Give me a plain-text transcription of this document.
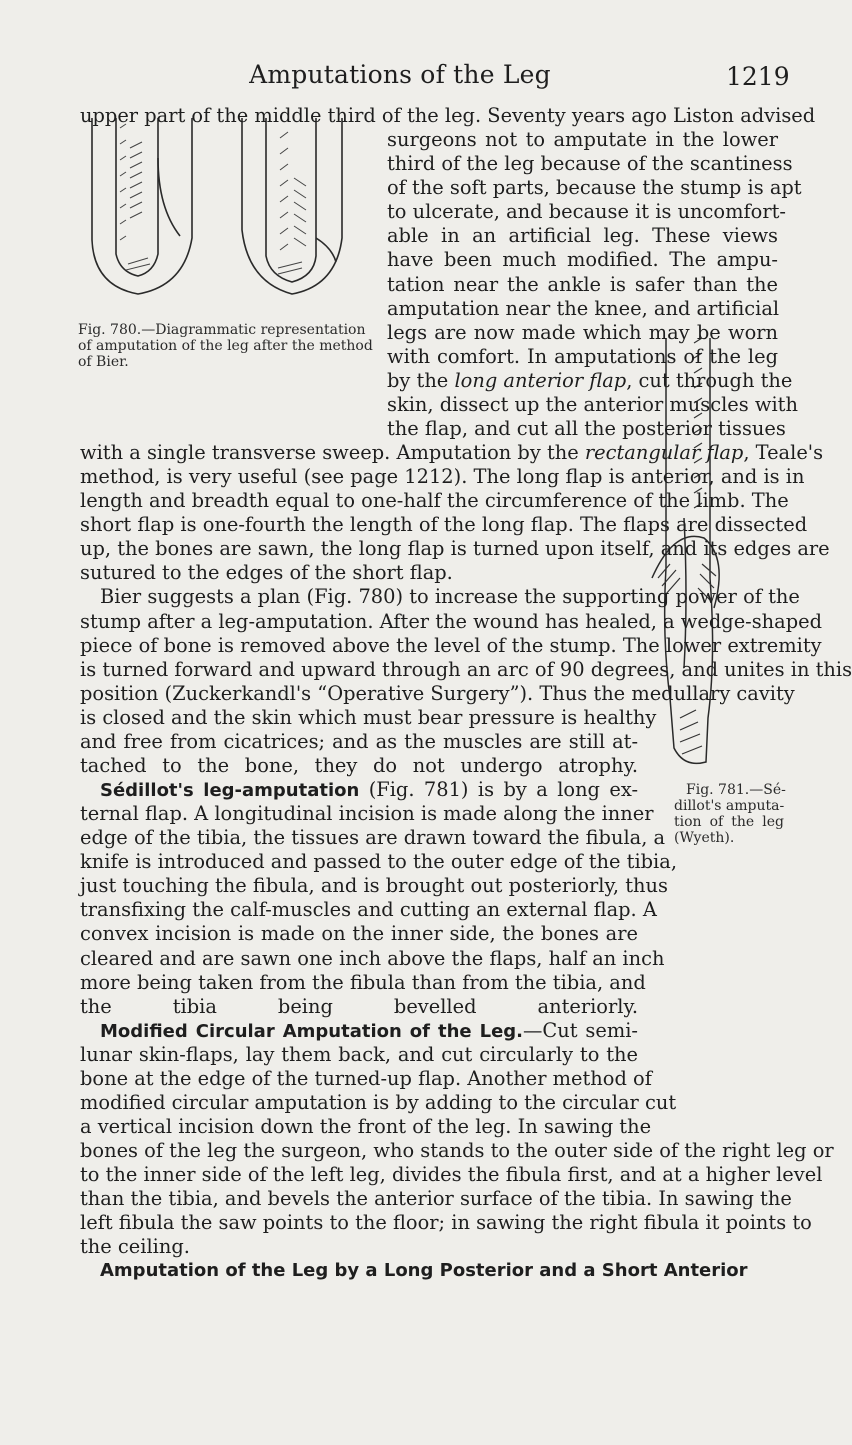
Amputations of the Leg	1219
Fig. 780.—Diagrammatic representation
of amputation of the leg after the method
of Bier.
Fig. 781.—Sé-
dillot's amputa-
tion of the leg
(Wyeth).
upper part of the middle third of the leg. Seventy years ago Liston advised
surgeons not to amputate in the lower
third of the leg because of the scantiness
of the soft parts, because the stump is apt
to ulcerate, and because it is uncomfort-
able in an artificial leg. These views
have been much modified. The ampu-
tation near the ankle is safer than the
amputation near the knee, and artificial
legs are now made which may be worn
with comfort. In amputations of the leg
by the long anterior flap, cut through the
skin, dissect up the anterior muscles with
the flap, and cut all the posterior tissues
with a single transverse sweep. Amputation by the rectangular flap, Teale's
method, is very useful (see page 1212). The long flap is anterior, and is in
length and breadth equal to one-half the circumference of the limb. The
short flap is one-fourth the length of the long flap. The flaps are dissected
up, the bones are sawn, the long flap is turned upon itself, and its edges are
sutured to the edges of the short flap.
Bier suggests a plan (Fig. 780) to increase the supporting power of the
stump after a leg-amputation. After the wound has healed, a wedge-shaped
piece of bone is removed above the level of the stump. The lower extremity
is turned forward and upward through an arc of 90 degrees, and unites in this
position (Zuckerkandl's “Operative Surgery”). Thus the medullary cavity
is closed and the skin which must bear pressure is healthy
and free from cicatrices; and as the muscles are still at-
tached to the bone, they do not undergo atrophy.
Sédillot's leg-amputation (Fig. 781) is by a long ex-
ternal flap. A longitudinal incision is made along the inner
edge of the tibia, the tissues are drawn toward the fibula, a
knife is introduced and passed to the outer edge of the tibia,
just touching the fibula, and is brought out posteriorly, thus
transfixing the calf-muscles and cutting an external flap. A
convex incision is made on the inner side, the bones are
cleared and are sawn one inch above the flaps, half an inch
more being taken from the fibula than from the tibia, and
the tibia being bevelled anteriorly.
Modified Circular Amputation of the Leg.—Cut semi-
lunar skin-flaps, lay them back, and cut circularly to the
bone at the edge of the turned-up flap. Another method of
modified circular amputation is by adding to the circular cut
a vertical incision down the front of the leg. In sawing the
bones of the leg the surgeon, who stands to the outer side of the right leg or
to the inner side of the left leg, divides the fibula first, and at a higher level
than the tibia, and bevels the anterior surface of the tibia. In sawing the
left fibula the saw points to the floor; in sawing the right fibula it points to
the ceiling.
Amputation of the Leg by a Long Posterior and a Short Anterior
